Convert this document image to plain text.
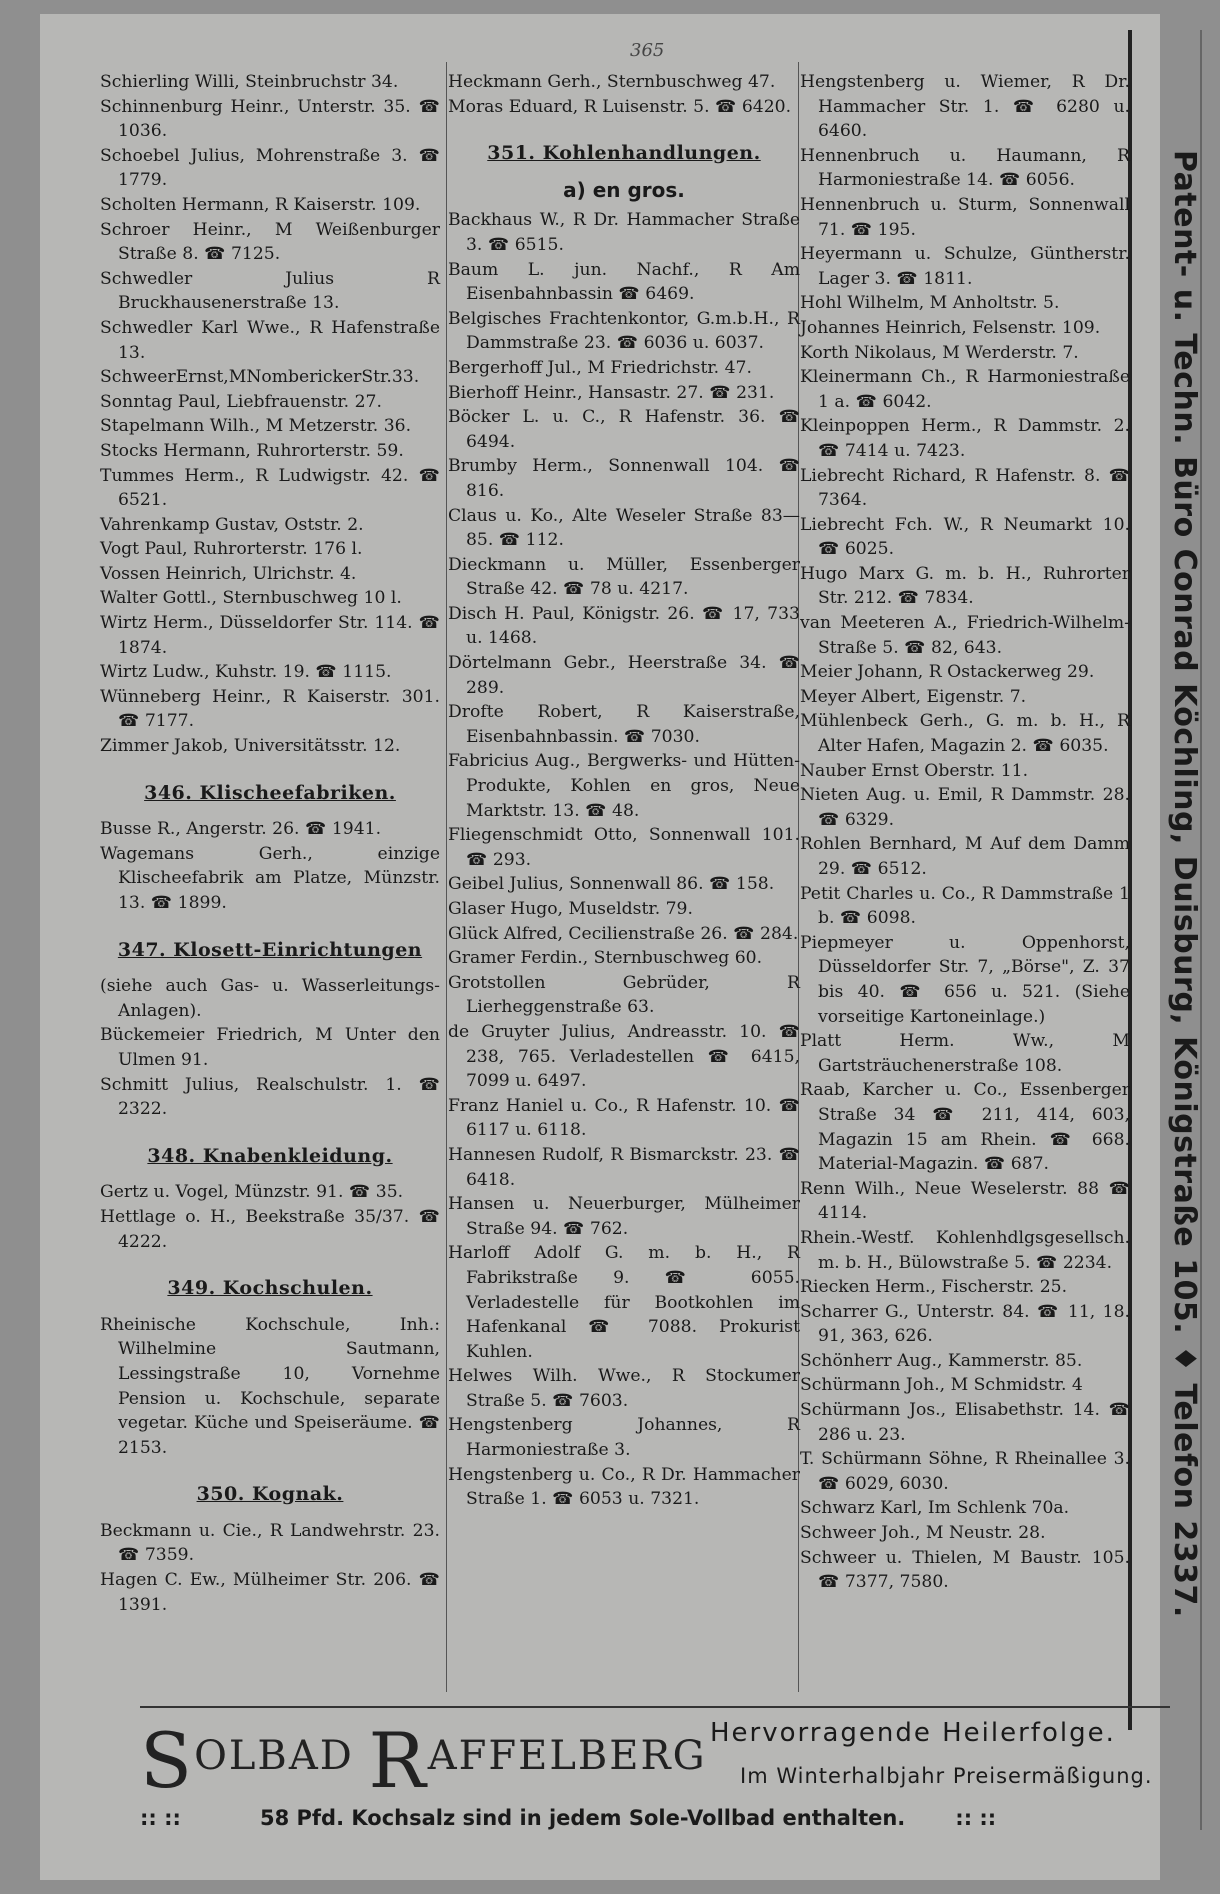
365
Schierling Willi, Steinbruchstr 34.
Schinnenburg Heinr., Unterstr. 35. ☎ 1036.
Schoebel Julius, Mohrenstraße 3. ☎ 1779.
Scholten Hermann, R Kaiserstr. 109.
Schroer Heinr., M Weißenburger Straße 8. ☎ 7125.
Schwedler Julius R Bruckhausenerstraße 13.
Schwedler Karl Wwe., R Hafenstraße 13.
SchweerErnst,MNomberickerStr.33.
Sonntag Paul, Liebfrauenstr. 27.
Stapelmann Wilh., M Metzerstr. 36.
Stocks Hermann, Ruhrorterstr. 59.
Tummes Herm., R Ludwigstr. 42. ☎ 6521.
Vahrenkamp Gustav, Oststr. 2.
Vogt Paul, Ruhrorterstr. 176 l.
Vossen Heinrich, Ulrichstr. 4.
Walter Gottl., Sternbuschweg 10 l.
Wirtz Herm., Düsseldorfer Str. 114. ☎ 1874.
Wirtz Ludw., Kuhstr. 19. ☎ 1115.
Wünneberg Heinr., R Kaiserstr. 301. ☎ 7177.
Zimmer Jakob, Universitätsstr. 12.
346. Klischeefabriken.
Busse R., Angerstr. 26. ☎ 1941.
Wagemans Gerh., einzige Klischeefabrik am Platze, Münzstr. 13. ☎ 1899.
347. Klosett-Einrichtungen
(siehe auch Gas- u. Wasserleitungs-Anlagen).
Bückemeier Friedrich, M Unter den Ulmen 91.
Schmitt Julius, Realschulstr. 1. ☎ 2322.
348. Knabenkleidung.
Gertz u. Vogel, Münzstr. 91. ☎ 35.
Hettlage o. H., Beekstraße 35/37. ☎ 4222.
349. Kochschulen.
Rheinische Kochschule, Inh.: Wilhelmine Sautmann, Lessingstraße 10, Vornehme Pension u. Kochschule, separate vegetar. Küche und Speiseräume. ☎ 2153.
350. Kognak.
Beckmann u. Cie., R Landwehrstr. 23. ☎ 7359.
Hagen C. Ew., Mülheimer Str. 206. ☎ 1391.
Heckmann Gerh., Sternbuschweg 47.
Moras Eduard, R Luisenstr. 5. ☎ 6420.
351. Kohlenhandlungen.
a) en gros.
Backhaus W., R Dr. Hammacher Straße 3. ☎ 6515.
Baum L. jun. Nachf., R Am Eisenbahnbassin ☎ 6469.
Belgisches Frachtenkontor, G.m.b.H., R Dammstraße 23. ☎ 6036 u. 6037.
Bergerhoff Jul., M Friedrichstr. 47.
Bierhoff Heinr., Hansastr. 27. ☎ 231.
Böcker L. u. C., R Hafenstr. 36. ☎ 6494.
Brumby Herm., Sonnenwall 104. ☎ 816.
Claus u. Ko., Alte Weseler Straße 83—85. ☎ 112.
Dieckmann u. Müller, Essenberger Straße 42. ☎ 78 u. 4217.
Disch H. Paul, Königstr. 26. ☎ 17, 733 u. 1468.
Dörtelmann Gebr., Heerstraße 34. ☎ 289.
Drofte Robert, R Kaiserstraße, Eisenbahnbassin. ☎ 7030.
Fabricius Aug., Bergwerks- und Hütten-Produkte, Kohlen en gros, Neue Marktstr. 13. ☎ 48.
Fliegenschmidt Otto, Sonnenwall 101. ☎ 293.
Geibel Julius, Sonnenwall 86. ☎ 158.
Glaser Hugo, Museldstr. 79.
Glück Alfred, Cecilienstraße 26. ☎ 284.
Gramer Ferdin., Sternbuschweg 60.
Grotstollen Gebrüder, R Lierheggenstraße 63.
de Gruyter Julius, Andreasstr. 10. ☎ 238, 765. Verladestellen ☎ 6415, 7099 u. 6497.
Franz Haniel u. Co., R Hafenstr. 10. ☎ 6117 u. 6118.
Hannesen Rudolf, R Bismarckstr. 23. ☎ 6418.
Hansen u. Neuerburger, Mülheimer Straße 94. ☎ 762.
Harloff Adolf G. m. b. H., R Fabrikstraße 9. ☎ 6055. Verladestelle für Bootkohlen im Hafenkanal ☎ 7088. Prokurist Kuhlen.
Helwes Wilh. Wwe., R Stockumer Straße 5. ☎ 7603.
Hengstenberg Johannes, R Harmoniestraße 3.
Hengstenberg u. Co., R Dr. Hammacher Straße 1. ☎ 6053 u. 7321.
Hengstenberg u. Wiemer, R Dr. Hammacher Str. 1. ☎ 6280 u. 6460.
Hennenbruch u. Haumann, R Harmoniestraße 14. ☎ 6056.
Hennenbruch u. Sturm, Sonnenwall 71. ☎ 195.
Heyermann u. Schulze, Güntherstr. Lager 3. ☎ 1811.
Hohl Wilhelm, M Anholtstr. 5.
Johannes Heinrich, Felsenstr. 109.
Korth Nikolaus, M Werderstr. 7.
Kleinermann Ch., R Harmoniestraße 1 a. ☎ 6042.
Kleinpoppen Herm., R Dammstr. 2. ☎ 7414 u. 7423.
Liebrecht Richard, R Hafenstr. 8. ☎ 7364.
Liebrecht Fch. W., R Neumarkt 10. ☎ 6025.
Hugo Marx G. m. b. H., Ruhrorter Str. 212. ☎ 7834.
van Meeteren A., Friedrich-Wilhelm-Straße 5. ☎ 82, 643.
Meier Johann, R Ostackerweg 29.
Meyer Albert, Eigenstr. 7.
Mühlenbeck Gerh., G. m. b. H., R Alter Hafen, Magazin 2. ☎ 6035.
Nauber Ernst Oberstr. 11.
Nieten Aug. u. Emil, R Dammstr. 28. ☎ 6329.
Rohlen Bernhard, M Auf dem Damm 29. ☎ 6512.
Petit Charles u. Co., R Dammstraße 1 b. ☎ 6098.
Piepmeyer u. Oppenhorst, Düsseldorfer Str. 7, „Börse", Z. 37 bis 40. ☎ 656 u. 521. (Siehe vorseitige Kartoneinlage.)
Platt Herm. Ww., M Gartsträuchenerstraße 108.
Raab, Karcher u. Co., Essenberger Straße 34 ☎ 211, 414, 603, Magazin 15 am Rhein. ☎ 668. Material-Magazin. ☎ 687.
Renn Wilh., Neue Weselerstr. 88 ☎ 4114.
Rhein.-Westf. Kohlenhdlgsgesellsch. m. b. H., Bülowstraße 5. ☎ 2234.
Riecken Herm., Fischerstr. 25.
Scharrer G., Unterstr. 84. ☎ 11, 18. 91, 363, 626.
Schönherr Aug., Kammerstr. 85.
Schürmann Joh., M Schmidstr. 4
Schürmann Jos., Elisabethstr. 14. ☎ 286 u. 23.
T. Schürmann Söhne, R Rheinallee 3. ☎ 6029, 6030.
Schwarz Karl, Im Schlenk 70a.
Schweer Joh., M Neustr. 28.
Schweer u. Thielen, M Baustr. 105. ☎ 7377, 7580.	Patent- u. Techn. Büro Conrad Köchling, Duisburg, Königstraße 105. ♦ Telefon 2337.
SOLBAD RAFFELBERG Hervorragende Heilerfolge.
Im Winterhalbjahr Preisermäßigung.
:: ::	58 Pfd. Kochsalz sind in jedem Sole-Vollbad enthalten. :: ::
